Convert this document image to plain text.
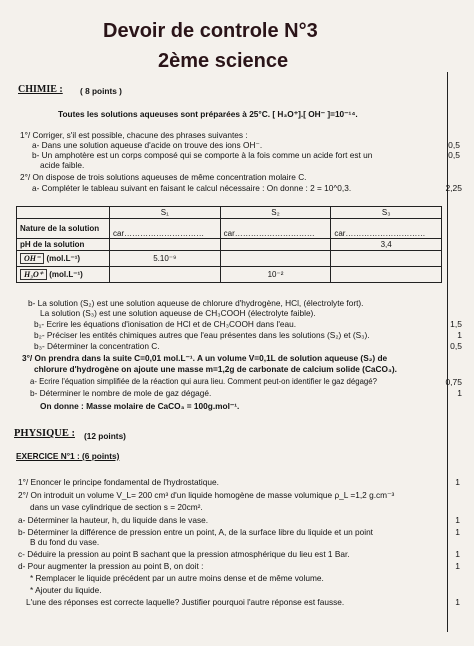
Devoir de controle N°3
2ème science
CHIMIE : ( 8 points )
Toutes les solutions aqueuses sont préparées à 25°C. [ H₃O⁺].[ OH⁻ ]=10⁻¹⁴.
1°/ Corriger, s'il est possible, chacune des phrases suivantes :
a- Dans une solution aqueuse d'acide on trouve des ions OH⁻.	0,5
b- Un amphotère est un corps composé qui se comporte à la fois comme un acide fort est un	0,5
acide faible.
2°/ On dispose de trois solutions aqueuses de même concentration molaire C.
a- Compléter le tableau suivant en faisant le calcul nécessaire : On donne : 2 = 10^0,3.	2,25
	S₁	S₂	S₃
Nature de la solution	car…………………………	car…………………………	car…………………………
pH de la solution			3,4
OH⁻ (mol.L⁻¹)	5.10⁻⁹		
H₃O⁺ (mol.L⁻¹)		10⁻²	
b- La solution (S₂) est une solution aqueuse de chlorure d'hydrogène, HCl, (électrolyte fort).
La solution (S₃) est une solution aqueuse de CH₃COOH (électrolyte faible).
b₁- Ecrire les équations d'ionisation de HCl et de CH₃COOH dans l'eau.	1,5
b₂- Préciser les entités chimiques autres que l'eau présentes dans les solutions (S₂) et (S₃).	1
b₃- Déterminer la concentration C.	0,5
3°/ On prendra dans la suite C=0,01 mol.L⁻¹. A un volume V=0,1L de solution aqueuse (S₂) de
chlorure d'hydrogène on ajoute une masse m=1,2g de carbonate de calcium solide (CaCO₃).
a- Ecrire l'équation simplifiée de la réaction qui aura lieu. Comment peut-on identifier le gaz dégagé?	0,75
b- Déterminer le nombre de mole de gaz dégagé.	1
On donne : Masse molaire de CaCO₃ = 100g.mol⁻¹.
PHYSIQUE : (12 points)
EXERCICE N°1 : (6 points)
1°/ Enoncer le principe fondamental de l'hydrostatique.	1
2°/ On introduit un volume V_L= 200 cm³ d'un liquide homogène de masse volumique ρ_L =1,2 g.cm⁻³
dans un vase cylindrique de section s = 20cm².
a- Déterminer la hauteur, h, du liquide dans le vase.	1
b- Déterminer la différence de pression entre un point, A, de la surface libre du liquide et un point	1
B du fond du vase.
c- Déduire la pression au point B sachant que la pression atmosphérique du lieu est 1 Bar.	1
d- Pour augmenter la pression au point B, on doit :	1
* Remplacer le liquide précédent par un autre moins dense et de même volume.
* Ajouter du liquide.
L'une des réponses est correcte laquelle? Justifier pourquoi l'autre réponse est fausse.	1
